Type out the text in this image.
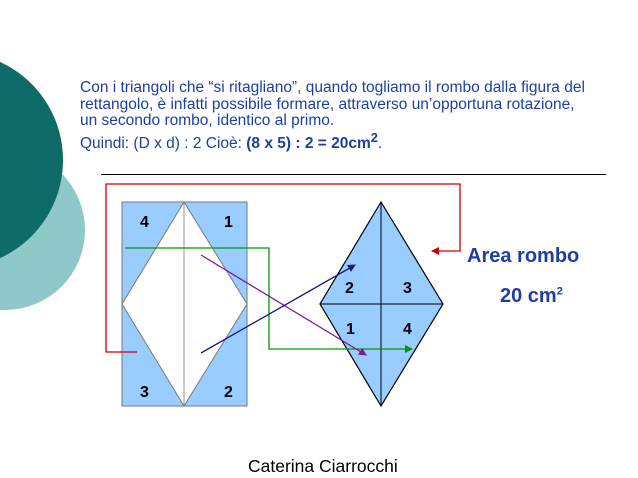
Con i triangoli che “si ritagliano”, quando togliamo il rombo dalla figura del
rettangolo, è infatti possibile formare, attraverso un’opportuna rotazione,
un secondo rombo, identico al primo.
Quindi: (D x d) : 2 Cioè: (8 x 5) : $2 = 20cm^2$.
4	1
3	2
2	3
1	4
Area rombo
20 $cm^2$
Caterina Ciarrocchi
